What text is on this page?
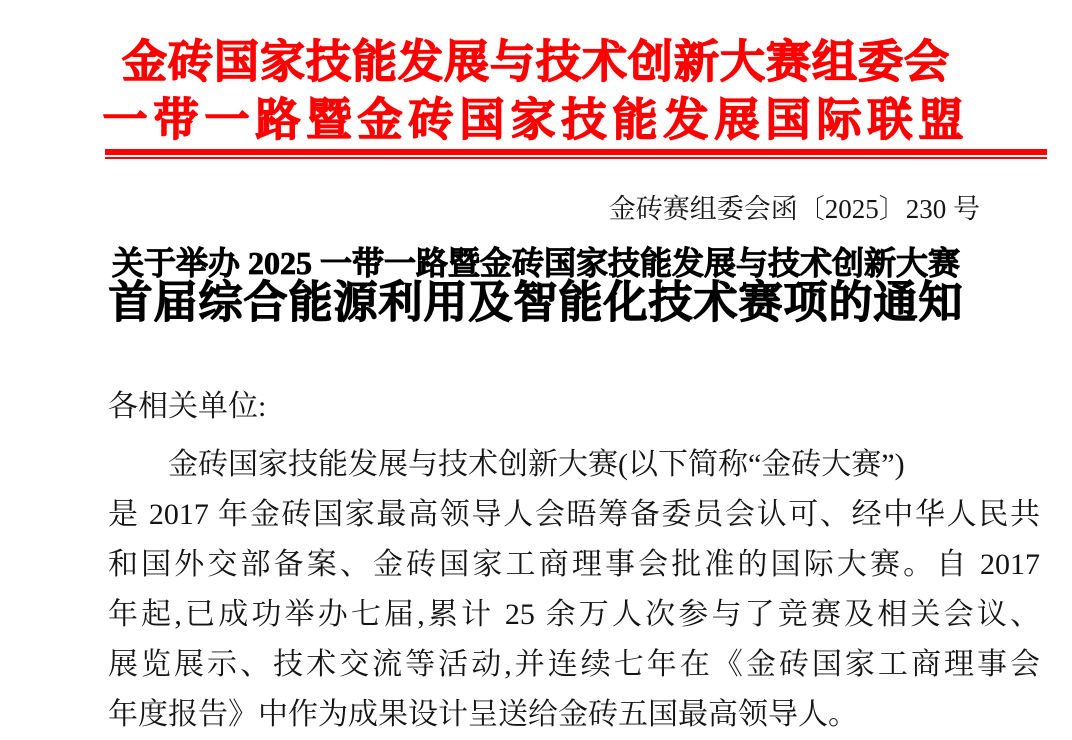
金砖国家技能发展与技术创新大赛组委会
一带一路暨金砖国家技能发展国际联盟
金砖赛组委会函〔2025〕230 号
关于举办 2025 一带一路暨金砖国家技能发展与技术创新大赛
首届综合能源利用及智能化技术赛项的通知
各相关单位:
金砖国家技能发展与技术创新大赛(以下简称“金砖大赛”)
是 2017 年金砖国家最高领导人会晤筹备委员会认可、经中华人民共
和国外交部备案、金砖国家工商理事会批准的国际大赛。自 2017
年起,已成功举办七届,累计 25 余万人次参与了竞赛及相关会议、
展览展示、技术交流等活动,并连续七年在《金砖国家工商理事会
年度报告》中作为成果设计呈送给金砖五国最高领导人。
